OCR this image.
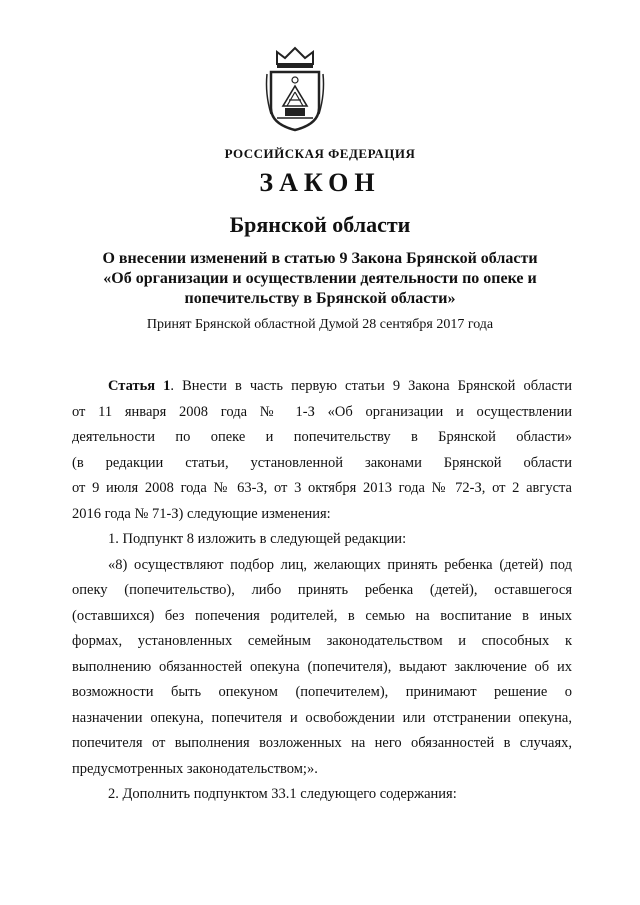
РОССИЙСКАЯ ФЕДЕРАЦИЯ
ЗАКОН
Брянской области
О внесении изменений в статью 9 Закона Брянской области
«Об организации и осуществлении деятельности по опеке и
попечительству в Брянской области»
Принят Брянской областной Думой 28 сентября 2017 года
Статья 1. Внести в часть первую статьи 9 Закона Брянской области
от 11 января 2008 года № 1-З «Об организации и осуществлении
деятельности по опеке и попечительству в Брянской области»
(в редакции статьи, установленной законами Брянской области
от 9 июля 2008 года № 63-З, от 3 октября 2013 года № 72-З, от 2 августа
2016 года № 71-З) следующие изменения:
1. Подпункт 8 изложить в следующей редакции:
«8) осуществляют подбор лиц, желающих принять ребенка (детей) под
опеку (попечительство), либо принять ребенка (детей), оставшегося
(оставшихся) без попечения родителей, в семью на воспитание в иных
формах, установленных семейным законодательством и способных к
выполнению обязанностей опекуна (попечителя), выдают заключение об их
возможности быть опекуном (попечителем), принимают решение о
назначении опекуна, попечителя и освобождении или отстранении опекуна,
попечителя от выполнения возложенных на него обязанностей в случаях,
предусмотренных законодательством;».
2. Дополнить подпунктом 33.1 следующего содержания:
